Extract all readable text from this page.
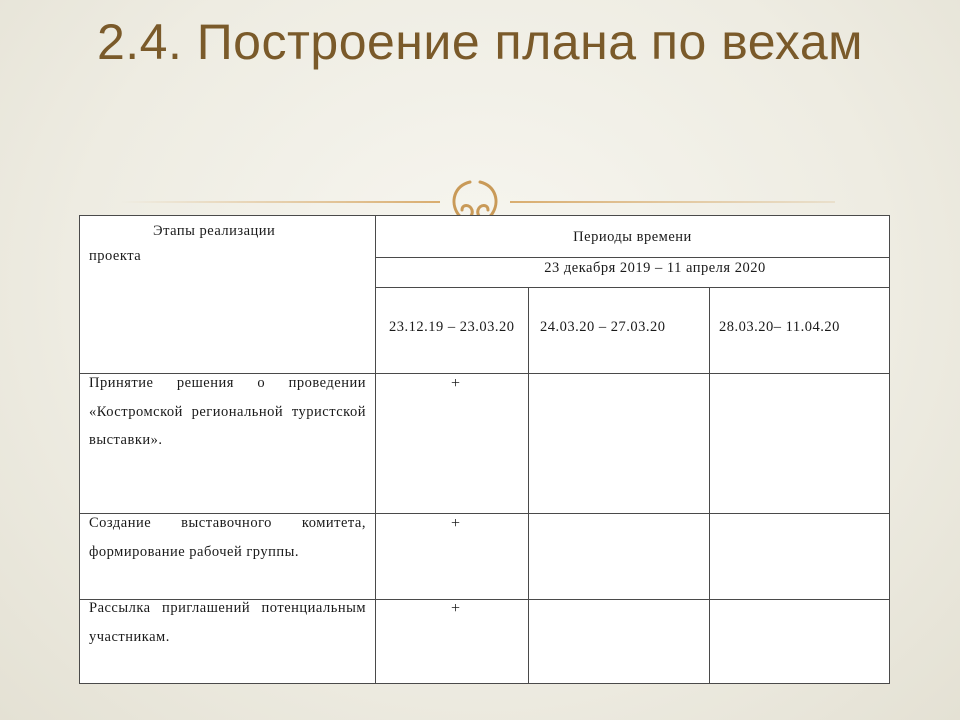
2.4. Построение плана по вехам
Этапы реализации
проекта
Периоды времени
23 декабря 2019 – 11 апреля 2020
23.12.19 – 23.03.20	24.03.20 – 27.03.20	28.03.20– 11.04.20
Принятие решения о проведении «Костромской региональной туристской выставки».
+
Создание выставочного комитета, формирование рабочей группы.
+
Рассылка приглашений потенциальным участникам.
+
